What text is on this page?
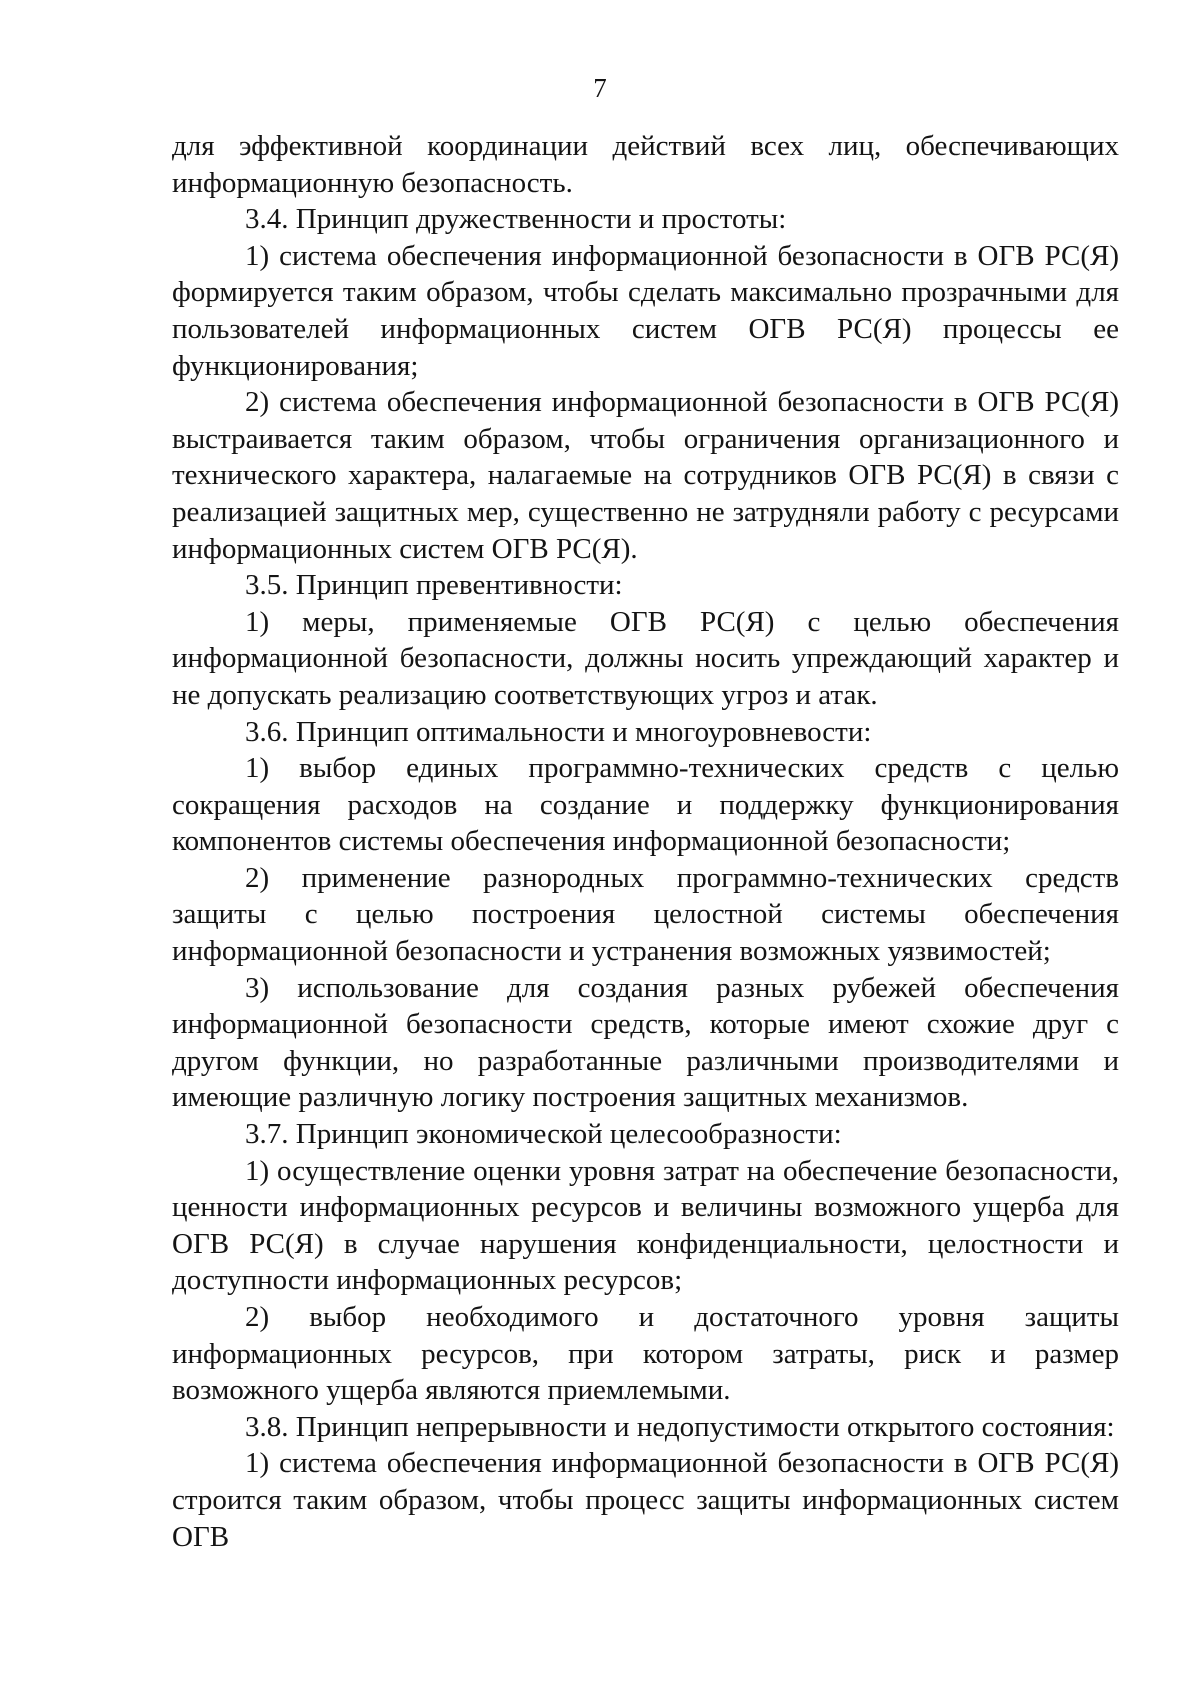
7

для эффективной координации действий всех лиц, обеспечивающих информационную безопасность.

3.4. Принцип дружественности и простоты:

1) система обеспечения информационной безопасности в ОГВ РС(Я) формируется таким образом, чтобы сделать максимально прозрачными для пользователей информационных систем ОГВ РС(Я) процессы ее функционирования;

2) система обеспечения информационной безопасности в ОГВ РС(Я) выстраивается таким образом, чтобы ограничения организационного и технического характера, налагаемые на сотрудников ОГВ РС(Я) в связи с реализацией защитных мер, существенно не затрудняли работу с ресурсами информационных систем ОГВ РС(Я).

3.5. Принцип превентивности:

1) меры, применяемые ОГВ РС(Я) с целью обеспечения информационной безопасности, должны носить упреждающий характер и не допускать реализацию соответствующих угроз и атак.

3.6. Принцип оптимальности и многоуровневости:

1) выбор единых программно-технических средств с целью сокращения расходов на создание и поддержку функционирования компонентов системы обеспечения информационной безопасности;

2) применение разнородных программно-технических средств защиты с целью построения целостной системы обеспечения информационной безопасности и устранения возможных уязвимостей;

3) использование для создания разных рубежей обеспечения информационной безопасности средств, которые имеют схожие друг с другом функции, но разработанные различными производителями и имеющие различную логику построения защитных механизмов.

3.7. Принцип экономической целесообразности:

1) осуществление оценки уровня затрат на обеспечение безопасности, ценности информационных ресурсов и величины возможного ущерба для ОГВ РС(Я) в случае нарушения конфиденциальности, целостности и доступности информационных ресурсов;

2) выбор необходимого и достаточного уровня защиты информационных ресурсов, при котором затраты, риск и размер возможного ущерба являются приемлемыми.

3.8. Принцип непрерывности и недопустимости открытого состояния:

1) система обеспечения информационной безопасности в ОГВ РС(Я) строится таким образом, чтобы процесс защиты информационных систем ОГВ
